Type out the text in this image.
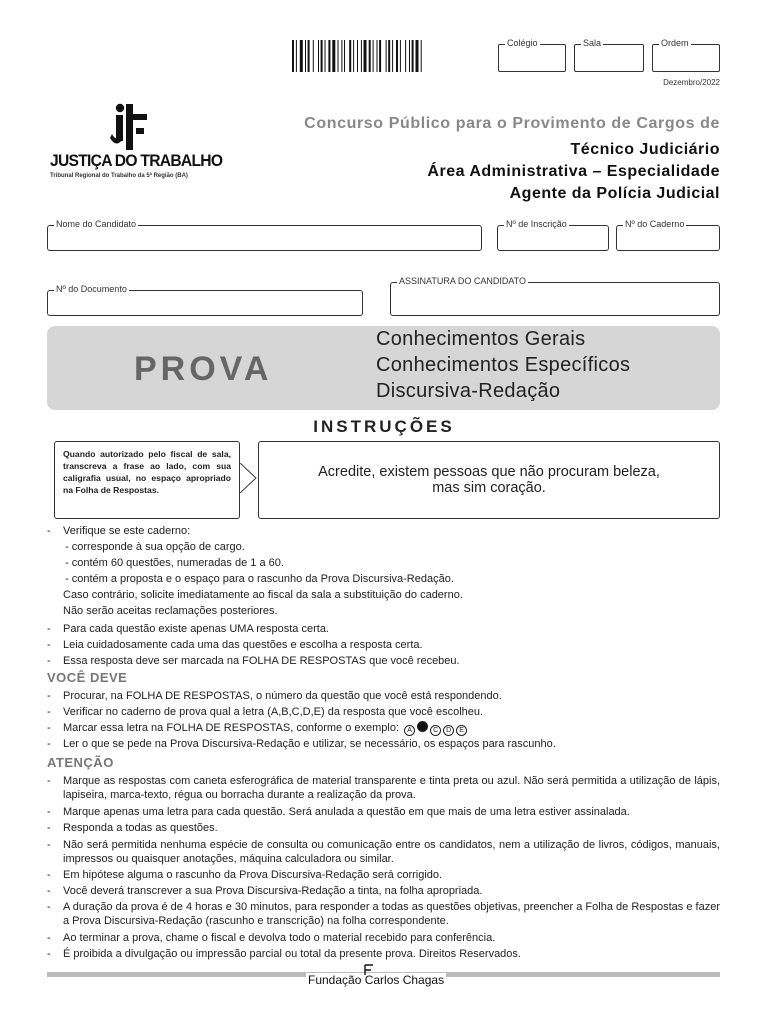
Colégio	Sala	Ordem
Dezembro/2022
JUSTIÇA DO TRABALHO
Tribunal Regional do Trabalho da 5ª Região (BA)
Concurso Público para o Provimento de Cargos de
Técnico Judiciário
Área Administrativa – Especialidade
Agente da Polícia Judicial
Nome do Candidato	Nº de Inscrição	Nº do Caderno
Nº do Documento
ASSINATURA DO CANDIDATO
PROVA
Conhecimentos Gerais
Conhecimentos Específicos
Discursiva-Redação
INSTRUÇÕES
Quando autorizado pelo fiscal de sala, transcreva a frase ao lado, com sua caligrafia usual, no espaço apropriado na Folha de Respostas.
Acredite, existem pessoas que não procuram beleza,
mas sim coração.
-	Verifique se este caderno:
- corresponde à sua opção de cargo.
- contém 60 questões, numeradas de 1 a 60.
- contém a proposta e o espaço para o rascunho da Prova Discursiva-Redação.
Caso contrário, solicite imediatamente ao fiscal da sala a substituição do caderno.
Não serão aceitas reclamações posteriores.
-	Para cada questão existe apenas UMA resposta certa.
-	Leia cuidadosamente cada uma das questões e escolha a resposta certa.
-	Essa resposta deve ser marcada na FOLHA DE RESPOSTAS que você recebeu.
VOCÊ DEVE
-	Procurar, na FOLHA DE RESPOSTAS, o número da questão que você está respondendo.
-	Verificar no caderno de prova qual a letra (A,B,C,D,E) da resposta que você escolheu.
-	Marcar essa letra na FOLHA DE RESPOSTAS, conforme o exemplo: A	C D E
-	Ler o que se pede na Prova Discursiva-Redação e utilizar, se necessário, os espaços para rascunho.
ATENÇÃO
-	Marque as respostas com caneta esferográfica de material transparente e tinta preta ou azul. Não será permitida a utilização de lápis, lapiseira, marca-texto, régua ou borracha durante a realização da prova.
-	Marque apenas uma letra para cada questão. Será anulada a questão em que mais de uma letra estiver assinalada.
-	Responda a todas as questões.
-	Não será permitida nenhuma espécie de consulta ou comunicação entre os candidatos, nem a utilização de livros, códigos, manuais, impressos ou quaisquer anotações, máquina calculadora ou similar.
-	Em hipótese alguma o rascunho da Prova Discursiva-Redação será corrigido.
-	Você deverá transcrever a sua Prova Discursiva-Redação a tinta, na folha apropriada.
-	A duração da prova é de 4 horas e 30 minutos, para responder a todas as questões objetivas, preencher a Folha de Respostas e fazer a Prova Discursiva-Redação (rascunho e transcrição) na folha correspondente.
-	Ao terminar a prova, chame o fiscal e devolva todo o material recebido para conferência.
-	É proibida a divulgação ou impressão parcial ou total da presente prova. Direitos Reservados.
Fundação Carlos Chagas
